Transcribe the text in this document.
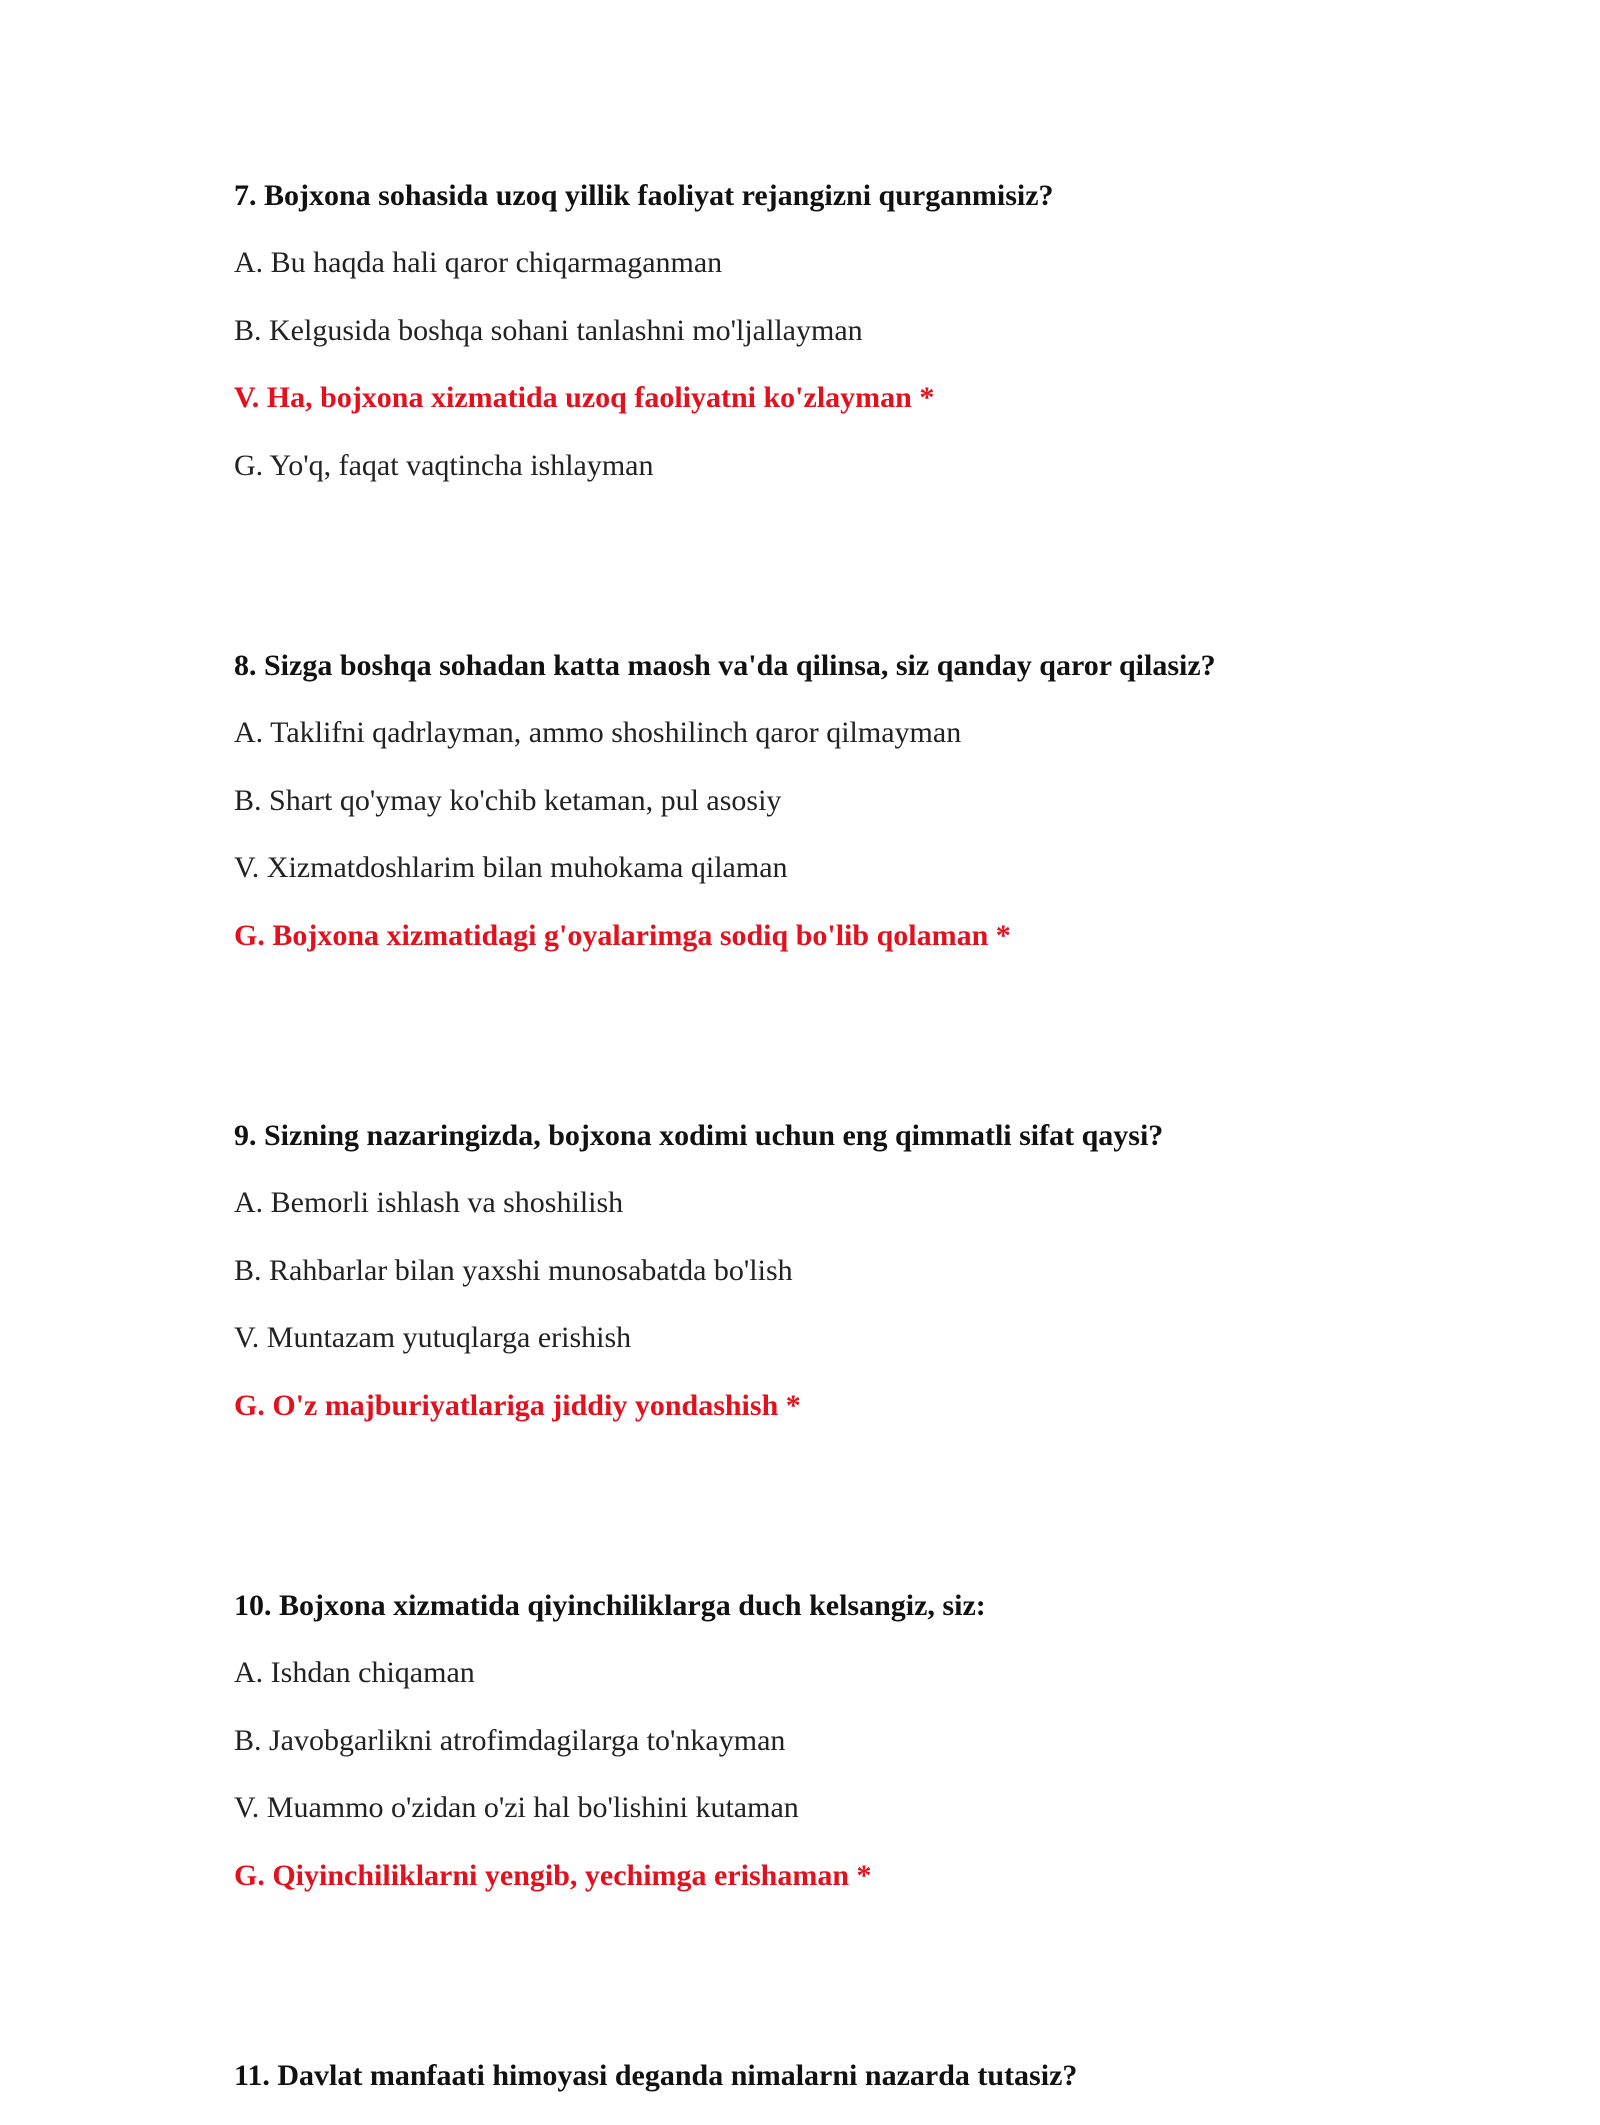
7. Bojxona sohasida uzoq yillik faoliyat rejangizni qurganmisiz?

A. Bu haqda hali qaror chiqarmaganman

B. Kelgusida boshqa sohani tanlashni mo'ljallayman

V. Ha, bojxona xizmatida uzoq faoliyatni ko'zlayman *

G. Yo'q, faqat vaqtincha ishlayman

8. Sizga boshqa sohadan katta maosh va'da qilinsa, siz qanday qaror qilasiz?

A. Taklifni qadrlayman, ammo shoshilinch qaror qilmayman

B. Shart qo'ymay ko'chib ketaman, pul asosiy

V. Xizmatdoshlarim bilan muhokama qilaman

G. Bojxona xizmatidagi g'oyalarimga sodiq bo'lib qolaman *

9. Sizning nazaringizda, bojxona xodimi uchun eng qimmatli sifat qaysi?

A. Bemorli ishlash va shoshilish

B. Rahbarlar bilan yaxshi munosabatda bo'lish

V. Muntazam yutuqlarga erishish

G. O'z majburiyatlariga jiddiy yondashish *

10. Bojxona xizmatida qiyinchiliklarga duch kelsangiz, siz:

A. Ishdan chiqaman

B. Javobgarlikni atrofimdagilarga to'nkayman

V. Muammo o'zidan o'zi hal bo'lishini kutaman

G. Qiyinchiliklarni yengib, yechimga erishaman *

11. Davlat manfaati himoyasi deganda nimalarni nazarda tutasiz?
